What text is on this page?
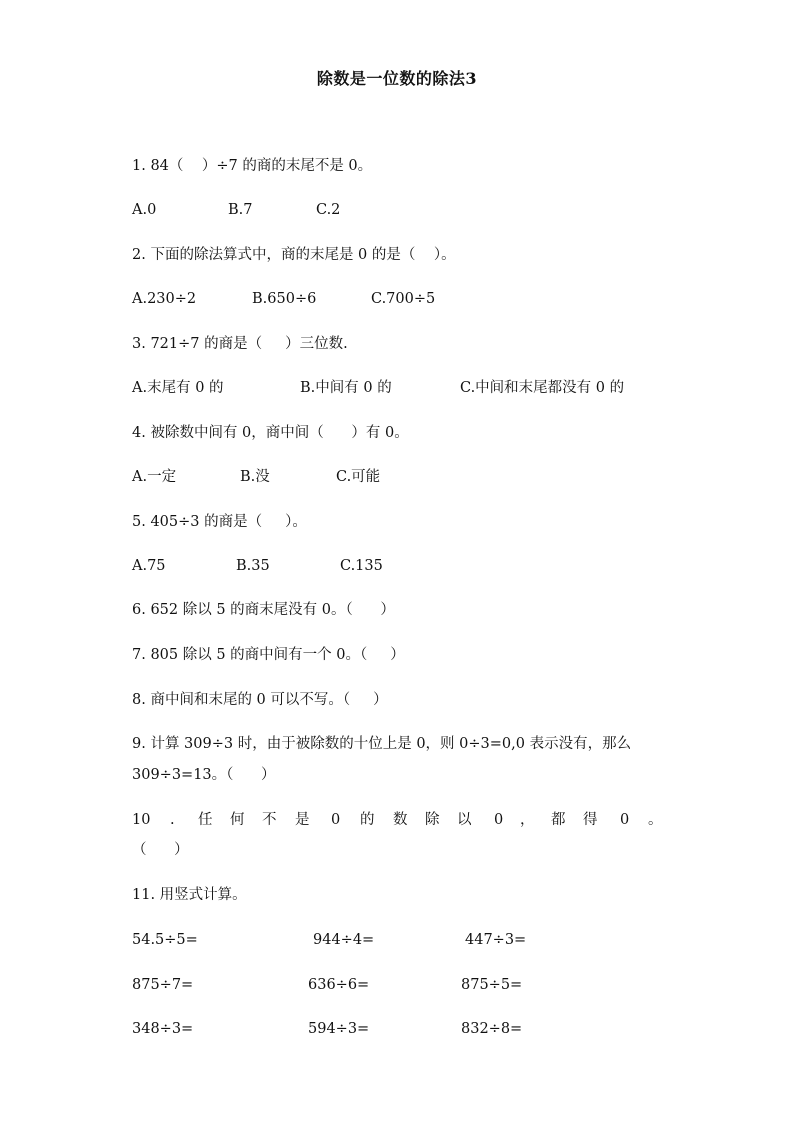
除数是一位数的除法3
1. 84（    ）÷7 的商的末尾不是 0。
A.0	B.7	C.2
2. 下面的除法算式中，商的末尾是 0 的是（    ）。
A.230÷2	B.650÷6	C.700÷5
3. 721÷7 的商是（     ）三位数.
A.末尾有 0 的	B.中间有 0 的	C.中间和末尾都没有 0 的
4. 被除数中间有 0，商中间（      ）有 0。
A.一定	B.没	C.可能
5. 405÷3 的商是（     ）。
A.75	B.35	C.135
6. 652 除以 5 的商末尾没有 0。（      ）
7. 805 除以 5 的商中间有一个 0。（     ）
8. 商中间和末尾的 0 可以不写。（     ）
9. 计算 309÷3 时，由于被除数的十位上是 0，则 0÷3=0,0 表示没有，那么
309÷3=13。（      ）
10 . 任 何 不 是 0 的 数 除 以 0 ， 都 得 0 。
（      ）
11. 用竖式计算。
54.5÷5=	944÷4=	447÷3=
875÷7=	636÷6=	875÷5=
348÷3=	594÷3=	832÷8=
